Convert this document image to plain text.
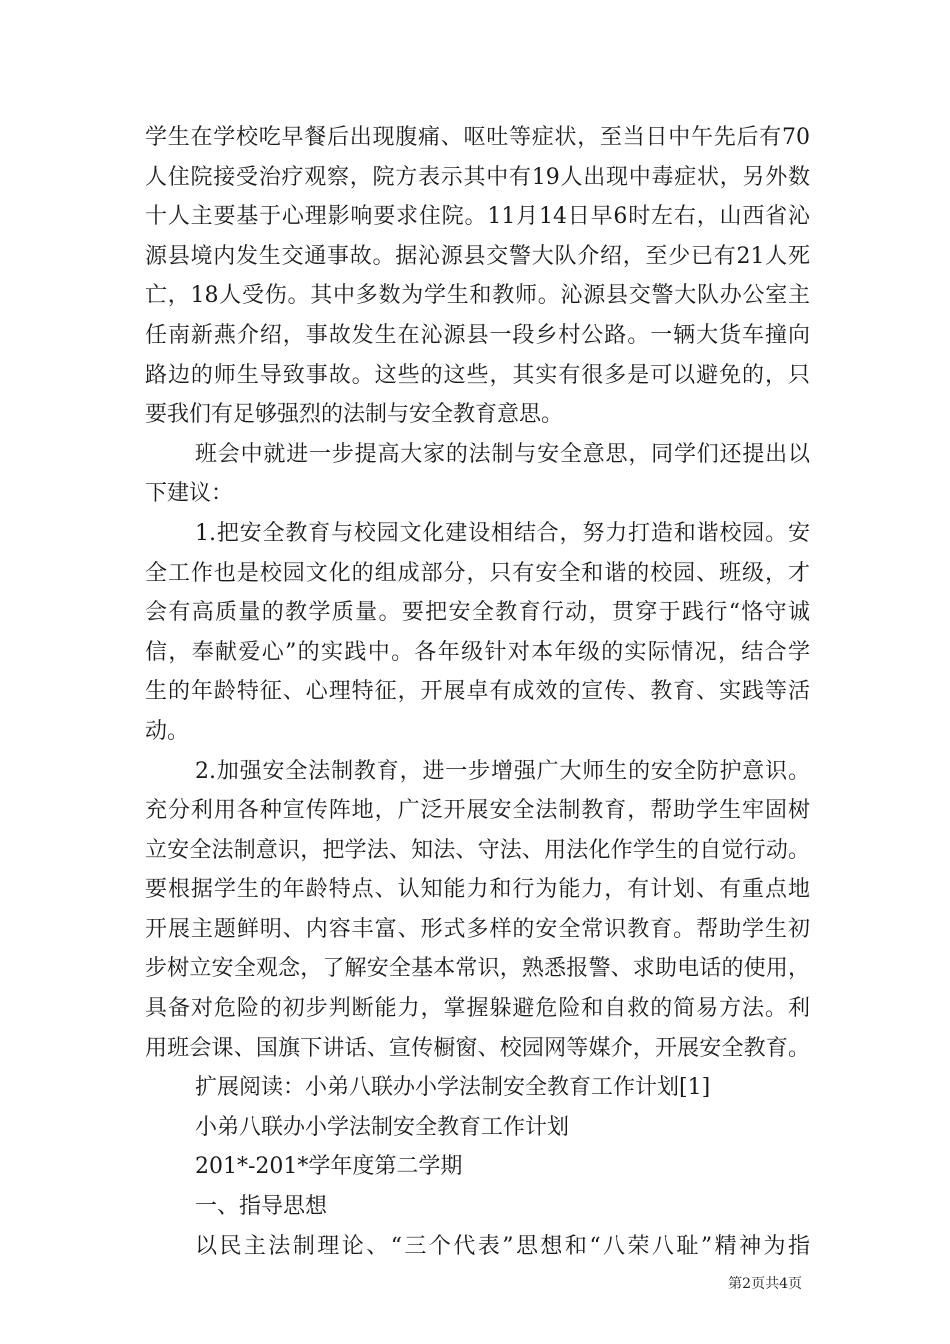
学生在学校吃早餐后出现腹痛、呕吐等症状，至当日中午先后有70
人住院接受治疗观察，院方表示其中有19人出现中毒症状，另外数
十人主要基于心理影响要求住院。11月14日早6时左右，山西省沁
源县境内发生交通事故。据沁源县交警大队介绍，至少已有21人死
亡，18人受伤。其中多数为学生和教师。沁源县交警大队办公室主
任南新燕介绍，事故发生在沁源县一段乡村公路。一辆大货车撞向
路边的师生导致事故。这些的这些，其实有很多是可以避免的，只
要我们有足够强烈的法制与安全教育意思。
班会中就进一步提高大家的法制与安全意思，同学们还提出以
下建议：
1.把安全教育与校园文化建设相结合，努力打造和谐校园。安
全工作也是校园文化的组成部分，只有安全和谐的校园、班级，才
会有高质量的教学质量。要把安全教育行动，贯穿于践行“恪守诚
信，奉献爱心”的实践中。各年级针对本年级的实际情况，结合学
生的年龄特征、心理特征，开展卓有成效的宣传、教育、实践等活
动。
2.加强安全法制教育，进一步增强广大师生的安全防护意识。
充分利用各种宣传阵地，广泛开展安全法制教育，帮助学生牢固树
立安全法制意识，把学法、知法、守法、用法化作学生的自觉行动。
要根据学生的年龄特点、认知能力和行为能力，有计划、有重点地
开展主题鲜明、内容丰富、形式多样的安全常识教育。帮助学生初
步树立安全观念，了解安全基本常识，熟悉报警、求助电话的使用，
具备对危险的初步判断能力，掌握躲避危险和自救的简易方法。利
用班会课、国旗下讲话、宣传橱窗、校园网等媒介，开展安全教育。
扩展阅读：小弟八联办小学法制安全教育工作计划[1]
小弟八联办小学法制安全教育工作计划
201*-201*学年度第二学期
一、指导思想
以民主法制理论、“三个代表”思想和“八荣八耻”精神为指
第2页共4页
